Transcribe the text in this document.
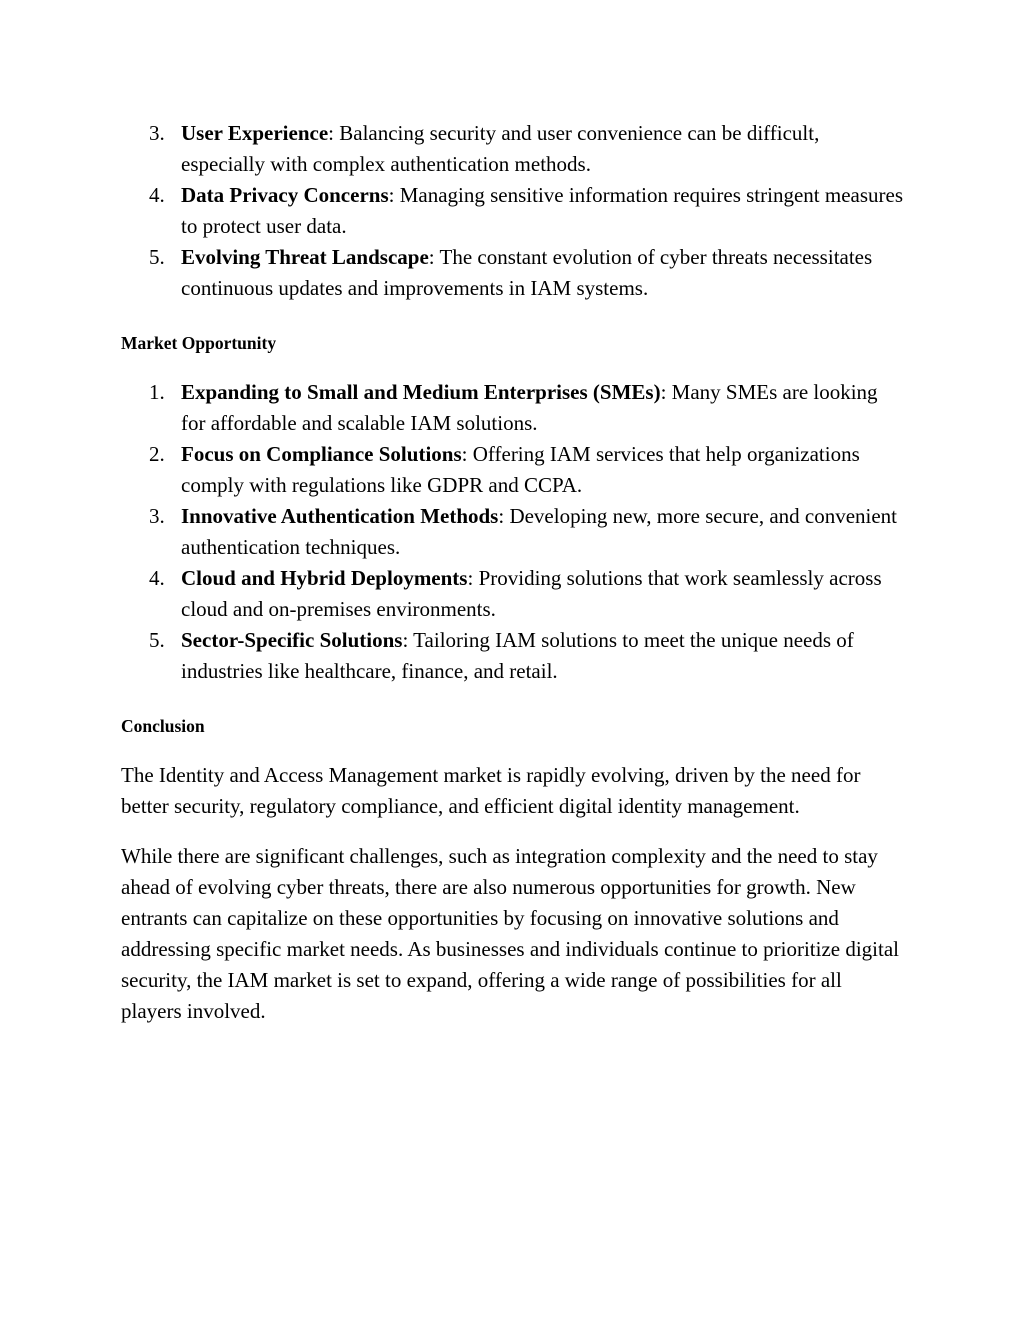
3. User Experience: Balancing security and user convenience can be difficult, especially with complex authentication methods.
4. Data Privacy Concerns: Managing sensitive information requires stringent measures to protect user data.
5. Evolving Threat Landscape: The constant evolution of cyber threats necessitates continuous updates and improvements in IAM systems.
Market Opportunity
1. Expanding to Small and Medium Enterprises (SMEs): Many SMEs are looking for affordable and scalable IAM solutions.
2. Focus on Compliance Solutions: Offering IAM services that help organizations comply with regulations like GDPR and CCPA.
3. Innovative Authentication Methods: Developing new, more secure, and convenient authentication techniques.
4. Cloud and Hybrid Deployments: Providing solutions that work seamlessly across cloud and on-premises environments.
5. Sector-Specific Solutions: Tailoring IAM solutions to meet the unique needs of industries like healthcare, finance, and retail.
Conclusion

The Identity and Access Management market is rapidly evolving, driven by the need for better security, regulatory compliance, and efficient digital identity management.

While there are significant challenges, such as integration complexity and the need to stay ahead of evolving cyber threats, there are also numerous opportunities for growth. New entrants can capitalize on these opportunities by focusing on innovative solutions and addressing specific market needs. As businesses and individuals continue to prioritize digital security, the IAM market is set to expand, offering a wide range of possibilities for all players involved.
